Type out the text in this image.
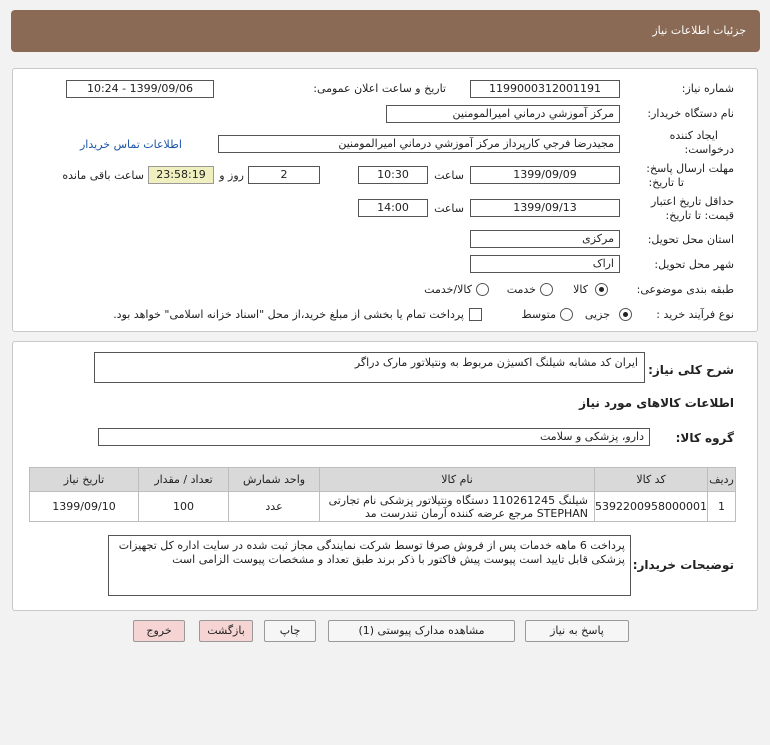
جزئیات اطلاعات نیاز
شماره نیاز:
1199000312001191
تاریخ و ساعت اعلان عمومی:
1399/09/06 - 10:24
نام دستگاه خریدار:
مرکز آموزشي درماني اميرالمومنين
ایجاد کننده
درخواست:
مجیدرضا فرجي کارپرداز مرکز آموزشي درماني اميرالمومنين
اطلاعات تماس خریدار
مهلت ارسال پاسخ:
تا تاریخ:
1399/09/09
ساعت
10:30
2
روز و
23:58:19
ساعت باقی مانده
حداقل تاریخ اعتبار
قیمت: تا تاریخ:
1399/09/13
ساعت
14:00
استان محل تحویل:
مرکزی
شهر محل تحویل:
اراک
طبقه بندی موضوعی:
کالا
خدمت
کالا/خدمت
نوع فرآیند خرید :
جزیی
متوسط
پرداخت تمام یا بخشی از مبلغ خرید،از محل "اسناد خزانه اسلامی" خواهد بود.
شرح کلی نیاز:
ایران کد مشابه شیلنگ اکسیژن مربوط به ونتیلاتور مارک دراگر
اطلاعات کالاهای مورد نیاز
گروه کالا:
دارو، پزشکی و سلامت
ردیف	کد کالا	نام کالا	واحد شمارش	تعداد / مقدار	تاریخ نیاز
1	5392200958000001	شیلنگ 110261245 دستگاه ونتیلاتور پزشکی نام تجارتی
STEPHAN مرجع عرضه کننده آرمان تندرست مد	عدد	100	1399/09/10
توضیحات خریدار:
پرداخت 6 ماهه خدمات پس از فروش صرفا توسط شرکت نمایندگی مجاز ثبت شده در سایت اداره کل تجهیزات پزشکی قابل تایید است پیوست پیش فاکتور با ذکر برند طبق تعداد و مشخصات پیوست الزامی است
پاسخ به نیاز
مشاهده مدارک پیوستی (1)
چاپ
بازگشت
خروج
